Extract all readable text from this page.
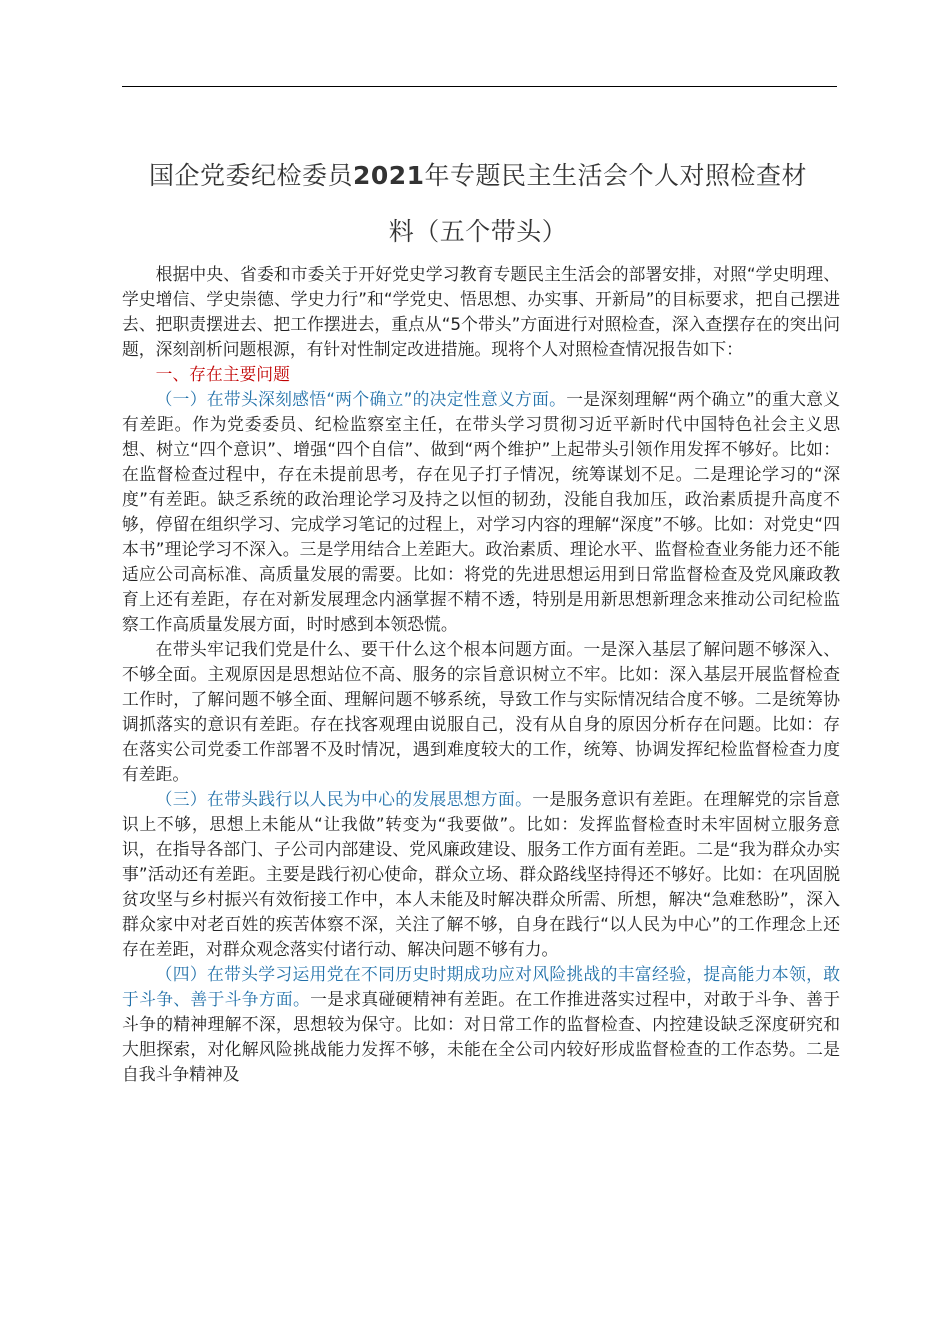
国企党委纪检委员2021年专题民主生活会个人对照检查材
料（五个带头）

根据中央、省委和市委关于开好党史学习教育专题民主生活会的部署安排，对照“学史明理、学史增信、学史崇德、学史力行”和“学党史、悟思想、办实事、开新局”的目标要求，把自己摆进去、把职责摆进去、把工作摆进去，重点从“5个带头”方面进行对照检查，深入查摆存在的突出问题，深刻剖析问题根源，有针对性制定改进措施。现将个人对照检查情况报告如下：

一、存在主要问题

（一）在带头深刻感悟“两个确立”的决定性意义方面。一是深刻理解“两个确立”的重大意义有差距。作为党委委员、纪检监察室主任，在带头学习贯彻习近平新时代中国特色社会主义思想、树立“四个意识”、增强“四个自信”、做到“两个维护”上起带头引领作用发挥不够好。比如：在监督检查过程中，存在未提前思考，存在见子打子情况，统筹谋划不足。二是理论学习的“深度”有差距。缺乏系统的政治理论学习及持之以恒的韧劲，没能自我加压，政治素质提升高度不够，停留在组织学习、完成学习笔记的过程上，对学习内容的理解“深度”不够。比如：对党史“四本书”理论学习不深入。三是学用结合上差距大。政治素质、理论水平、监督检查业务能力还不能适应公司高标准、高质量发展的需要。比如：将党的先进思想运用到日常监督检查及党风廉政教育上还有差距，存在对新发展理念内涵掌握不精不透，特别是用新思想新理念来推动公司纪检监察工作高质量发展方面，时时感到本领恐慌。

在带头牢记我们党是什么、要干什么这个根本问题方面。一是深入基层了解问题不够深入、不够全面。主观原因是思想站位不高、服务的宗旨意识树立不牢。比如：深入基层开展监督检查工作时，了解问题不够全面、理解问题不够系统，导致工作与实际情况结合度不够。二是统筹协调抓落实的意识有差距。存在找客观理由说服自己，没有从自身的原因分析存在问题。比如：存在落实公司党委工作部署不及时情况，遇到难度较大的工作，统筹、协调发挥纪检监督检查力度有差距。

（三）在带头践行以人民为中心的发展思想方面。一是服务意识有差距。在理解党的宗旨意识上不够，思想上未能从“让我做”转变为“我要做”。比如：发挥监督检查时未牢固树立服务意识，在指导各部门、子公司内部建设、党风廉政建设、服务工作方面有差距。二是“我为群众办实事”活动还有差距。主要是践行初心使命，群众立场、群众路线坚持得还不够好。比如：在巩固脱贫攻坚与乡村振兴有效衔接工作中，本人未能及时解决群众所需、所想，解决“急难愁盼”，深入群众家中对老百姓的疾苦体察不深，关注了解不够，自身在践行“以人民为中心”的工作理念上还存在差距，对群众观念落实付诸行动、解决问题不够有力。

（四）在带头学习运用党在不同历史时期成功应对风险挑战的丰富经验，提高能力本领，敢于斗争、善于斗争方面。一是求真碰硬精神有差距。在工作推进落实过程中，对敢于斗争、善于斗争的精神理解不深，思想较为保守。比如：对日常工作的监督检查、内控建设缺乏深度研究和大胆探索，对化解风险挑战能力发挥不够，未能在全公司内较好形成监督检查的工作态势。二是自我斗争精神及
